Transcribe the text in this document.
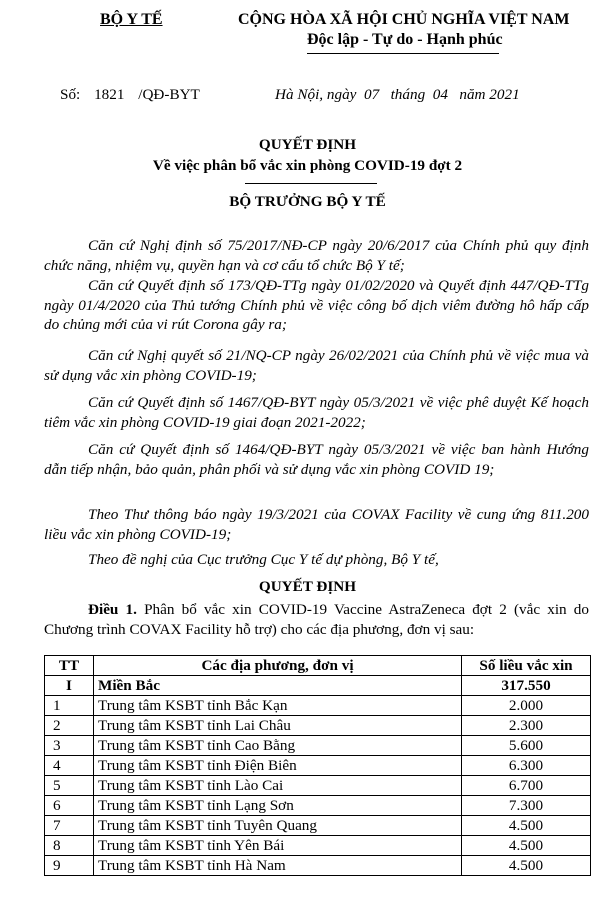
BỘ Y TẾ	CỘNG HÒA XÃ HỘI CHỦ NGHĨA VIỆT NAM
Độc lập - Tự do - Hạnh phúc
Số: 1821 /QĐ-BYT	Hà Nội, ngày  07   tháng  04   năm 2021
QUYẾT ĐỊNH
Về việc phân bổ vắc xin phòng COVID-19 đợt 2
BỘ TRƯỞNG BỘ Y TẾ
Căn cứ Nghị định số 75/2017/NĐ-CP ngày 20/6/2017 của Chính phủ quy định chức năng, nhiệm vụ, quyền hạn và cơ cấu tổ chức Bộ Y tế;
Căn cứ Quyết định số 173/QĐ-TTg ngày 01/02/2020 và Quyết định 447/QĐ-TTg ngày 01/4/2020 của Thủ tướng Chính phủ về việc công bố dịch viêm đường hô hấp cấp do chủng mới của vi rút Corona gây ra;
Căn cứ Nghị quyết số 21/NQ-CP ngày 26/02/2021 của Chính phủ về việc mua và sử dụng vắc xin phòng COVID-19;
Căn cứ Quyết định số 1467/QĐ-BYT ngày 05/3/2021 về việc phê duyệt Kế hoạch tiêm vắc xin phòng COVID-19 giai đoạn 2021-2022;
Căn cứ Quyết định số 1464/QĐ-BYT ngày 05/3/2021 về việc ban hành Hướng dẫn tiếp nhận, bảo quản, phân phối và sử dụng vắc xin phòng COVID 19;
Theo Thư thông báo ngày 19/3/2021 của COVAX Facility về cung ứng 811.200 liều vắc xin phòng COVID-19;
Theo đề nghị của Cục trưởng Cục Y tế dự phòng, Bộ Y tế,
QUYẾT ĐỊNH
Điều 1. Phân bổ vắc xin COVID-19 Vaccine AstraZeneca đợt 2 (vắc xin do Chương trình COVAX Facility hỗ trợ) cho các địa phương, đơn vị sau:
TT	Các địa phương, đơn vị	Số liều vắc xin
I	Miền Bắc	317.550
1	Trung tâm KSBT tỉnh Bắc Kạn	2.000
2	Trung tâm KSBT tỉnh Lai Châu	2.300
3	Trung tâm KSBT tỉnh Cao Bằng	5.600
4	Trung tâm KSBT tỉnh Điện Biên	6.300
5	Trung tâm KSBT tỉnh Lào Cai	6.700
6	Trung tâm KSBT tỉnh Lạng Sơn	7.300
7	Trung tâm KSBT tỉnh Tuyên Quang	4.500
8	Trung tâm KSBT tỉnh Yên Bái	4.500
9	Trung tâm KSBT tỉnh Hà Nam	4.500
